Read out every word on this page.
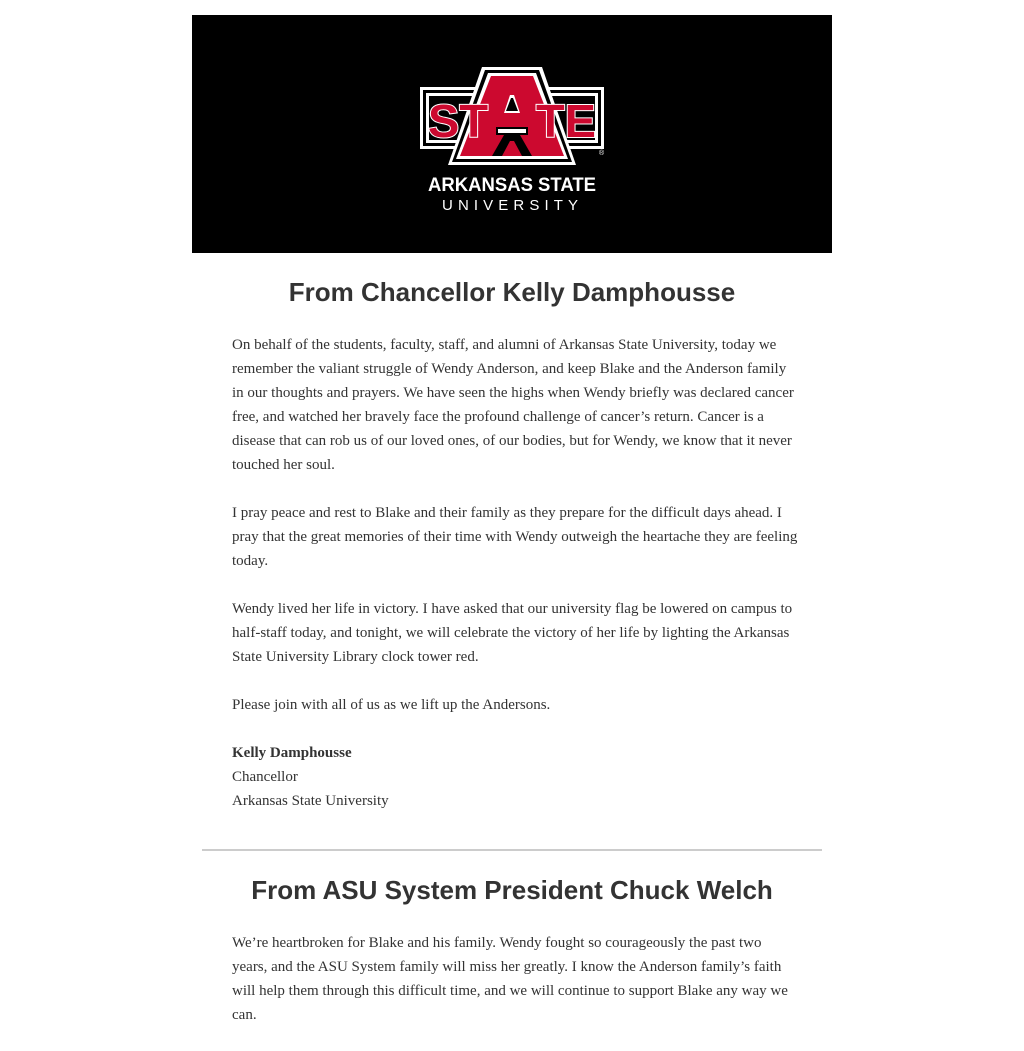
ST TE
®
ARKANSAS STATE
UNIVERSITY
From Chancellor Kelly Damphousse

On behalf of the students, faculty, staff, and alumni of Arkansas State University, today we remember the valiant struggle of Wendy Anderson, and keep Blake and the Anderson family in our thoughts and prayers. We have seen the highs when Wendy briefly was declared cancer free, and watched her bravely face the profound challenge of cancer’s return. Cancer is a disease that can rob us of our loved ones, of our bodies, but for Wendy, we know that it never touched her soul.

I pray peace and rest to Blake and their family as they prepare for the difficult days ahead. I pray that the great memories of their time with Wendy outweigh the heartache they are feeling today.

Wendy lived her life in victory. I have asked that our university flag be lowered on campus to half-staff today, and tonight, we will celebrate the victory of her life by lighting the Arkansas State University Library clock tower red.

Please join with all of us as we lift up the Andersons.

Kelly Damphousse
Chancellor
Arkansas State University
From ASU System President Chuck Welch

We’re heartbroken for Blake and his family. Wendy fought so courageously the past two years, and the ASU System family will miss her greatly. I know the Anderson family’s faith will help them through this difficult time, and we will continue to support Blake any way we can.
